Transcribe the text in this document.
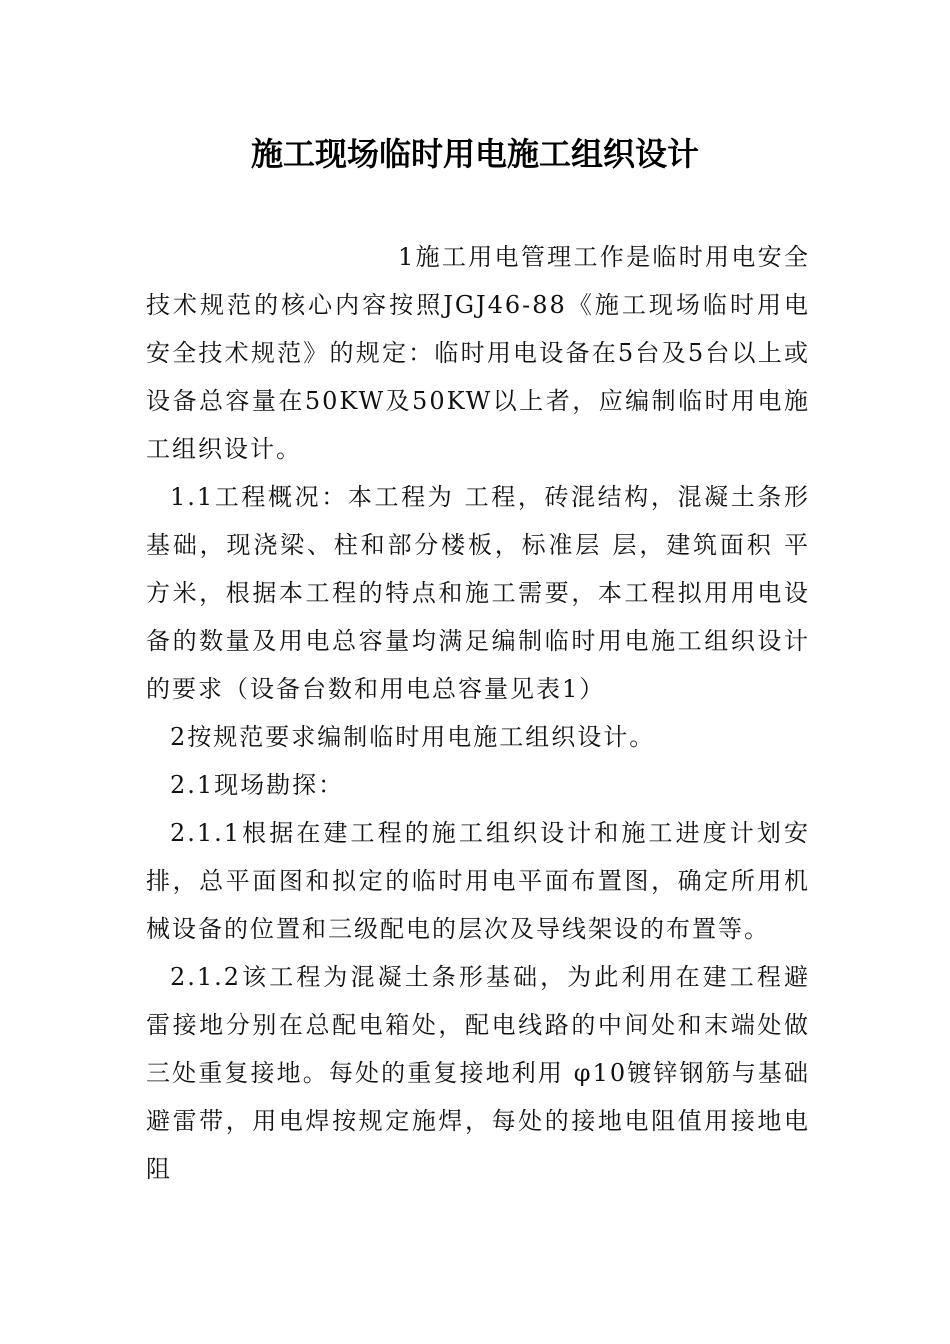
施工现场临时用电施工组织设计

1施工用电管理工作是临时用电安全技术规范的核心内容按照JGJ46-88《施工现场临时用电安全技术规范》的规定：临时用电设备在5台及5台以上或设备总容量在50KW及50KW以上者，应编制临时用电施工组织设计。

1.1工程概况：本工程为 工程，砖混结构，混凝土条形基础，现浇梁、柱和部分楼板，标准层 层，建筑面积 平方米，根据本工程的特点和施工需要，本工程拟用用电设备的数量及用电总容量均满足编制临时用电施工组织设计的要求（设备台数和用电总容量见表1）

2按规范要求编制临时用电施工组织设计。

2.1现场勘探：

2.1.1根据在建工程的施工组织设计和施工进度计划安排，总平面图和拟定的临时用电平面布置图，确定所用机械设备的位置和三级配电的层次及导线架设的布置等。

2.1.2该工程为混凝土条形基础，为此利用在建工程避雷接地分别在总配电箱处，配电线路的中间处和末端处做三处重复接地。每处的重复接地利用 φ10镀锌钢筋与基础避雷带，用电焊按规定施焊，每处的接地电阻值用接地电阻
